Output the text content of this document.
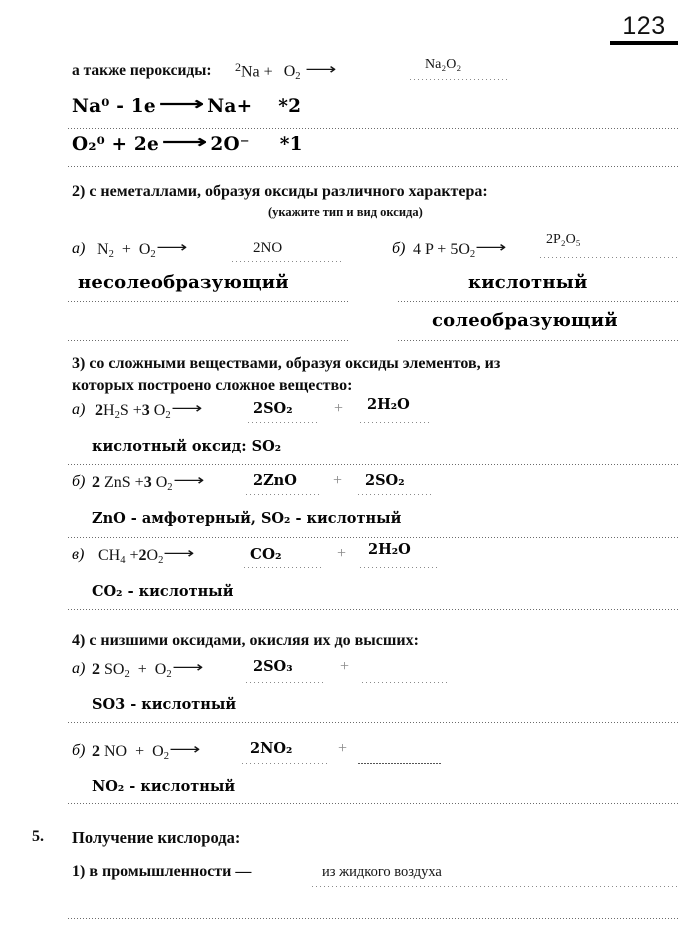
123
а также пероксиды: $^2Na + O_2$ ⟶	Na₂O₂
Na⁰ - 1e ⟶ Na+ *2
O₂⁰ + 2e ⟶ 2O⁻ *1
2) с неметаллами, образуя оксиды различного характера:
(укажите тип и вид оксида)
а) $N_2$  +  $O_2⟶$	2NO
несолеобразующий
б) 4 $P + 5O_2⟶$	2P₂O₅
кислотный
солеобразующий
3) со сложными веществами, образуя оксиды элементов, из
которых построено сложное вещество:
а) $2H_2S +3$ $O_2⟶$	2SO₂	+ 2H₂O
кислотный оксид: SO₂
б) 2 ZnS +3 $O_2⟶$	2ZnO + 2SO₂
ZnO - амфотерный, SO₂ - кислотный
в) $CH_4$ $+2O_2⟶$	CO₂	+ 2H₂O
CO₂ - кислотный
4) с низшими оксидами, окисляя их до высших:
а) 2 $SO_2$  +  $O_2⟶$	2SO₃	+
SO3 - кислотный
б) 2 NO  +  $O_2⟶$	2NO₂	+
NO₂ - кислотный
5. Получение кислорода:
1) в промышленности —	из жидкого воздуха
